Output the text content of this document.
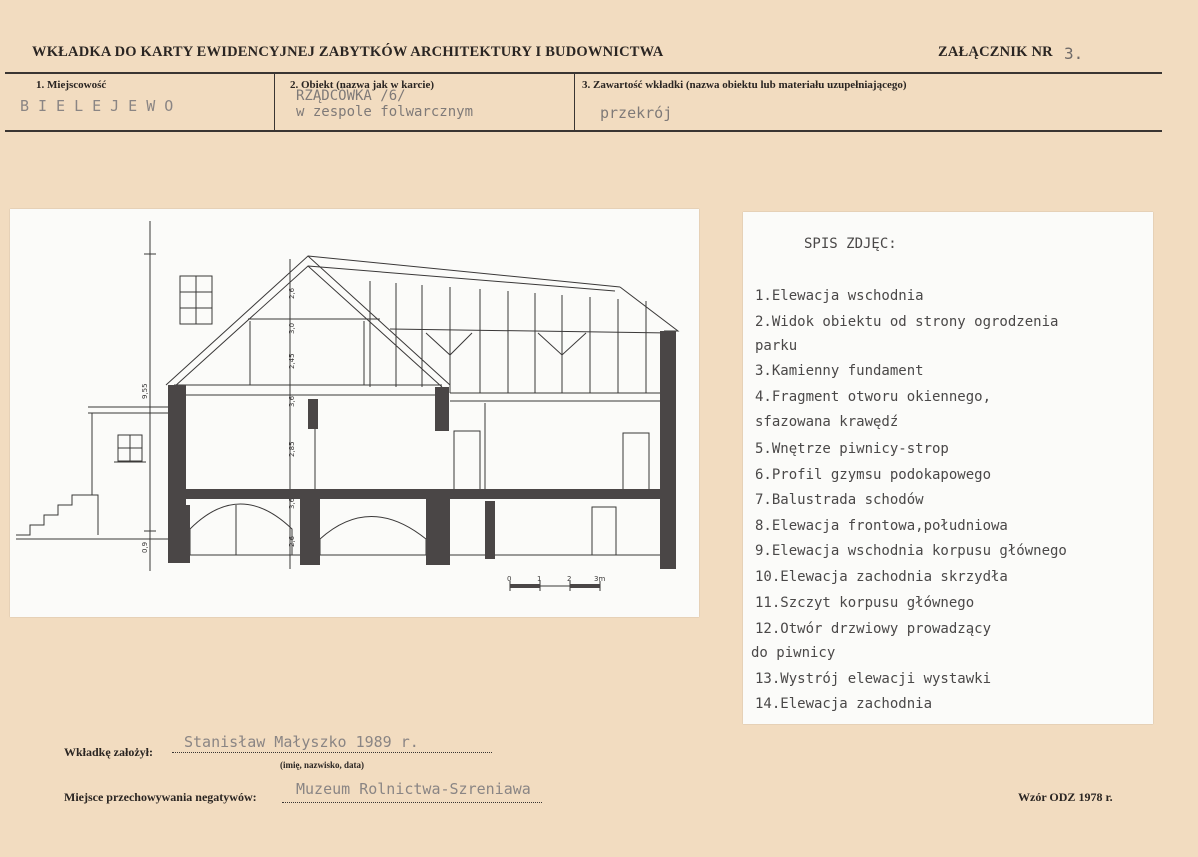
WKŁADKA DO KARTY EWIDENCYJNEJ ZABYTKÓW ARCHITEKTURY I BUDOWNICTWA	ZAŁĄCZNIK NR 3.
1. Miejscowość
BIELEJEWO
2. Obiekt (nazwa jak w karcie)
RZĄDCÓWKA /6/
w zespole folwarcznym
3. Zawartość wkładki (nazwa obiektu lub materiału uzupełniającego)
przekrój
2,6
3,0
2,45
3,6
2,85
3,6
2,6
9,55
0,9
0	1	2	3m
SPIS ZDJĘC:
1.Elewacja wschodnia
2.Widok obiektu od strony ogrodzenia
parku
3.Kamienny fundament
4.Fragment otworu okiennego,
sfazowana krawędź
5.Wnętrze piwnicy-strop
6.Profil gzymsu podokapowego
7.Balustrada schodów
8.Elewacja frontowa,południowa
9.Elewacja wschodnia korpusu głównego
10.Elewacja zachodnia skrzydła
11.Szczyt korpusu głównego
12.Otwór drzwiowy prowadzący
do piwnicy
13.Wystrój elewacji wystawki
14.Elewacja zachodnia
Wkładkę założył:
Stanisław Małyszko 1989 r.
(imię, nazwisko, data)
Miejsce przechowywania negatywów:	Muzeum Rolnictwa-Szreniawa	Wzór ODZ 1978 r.
